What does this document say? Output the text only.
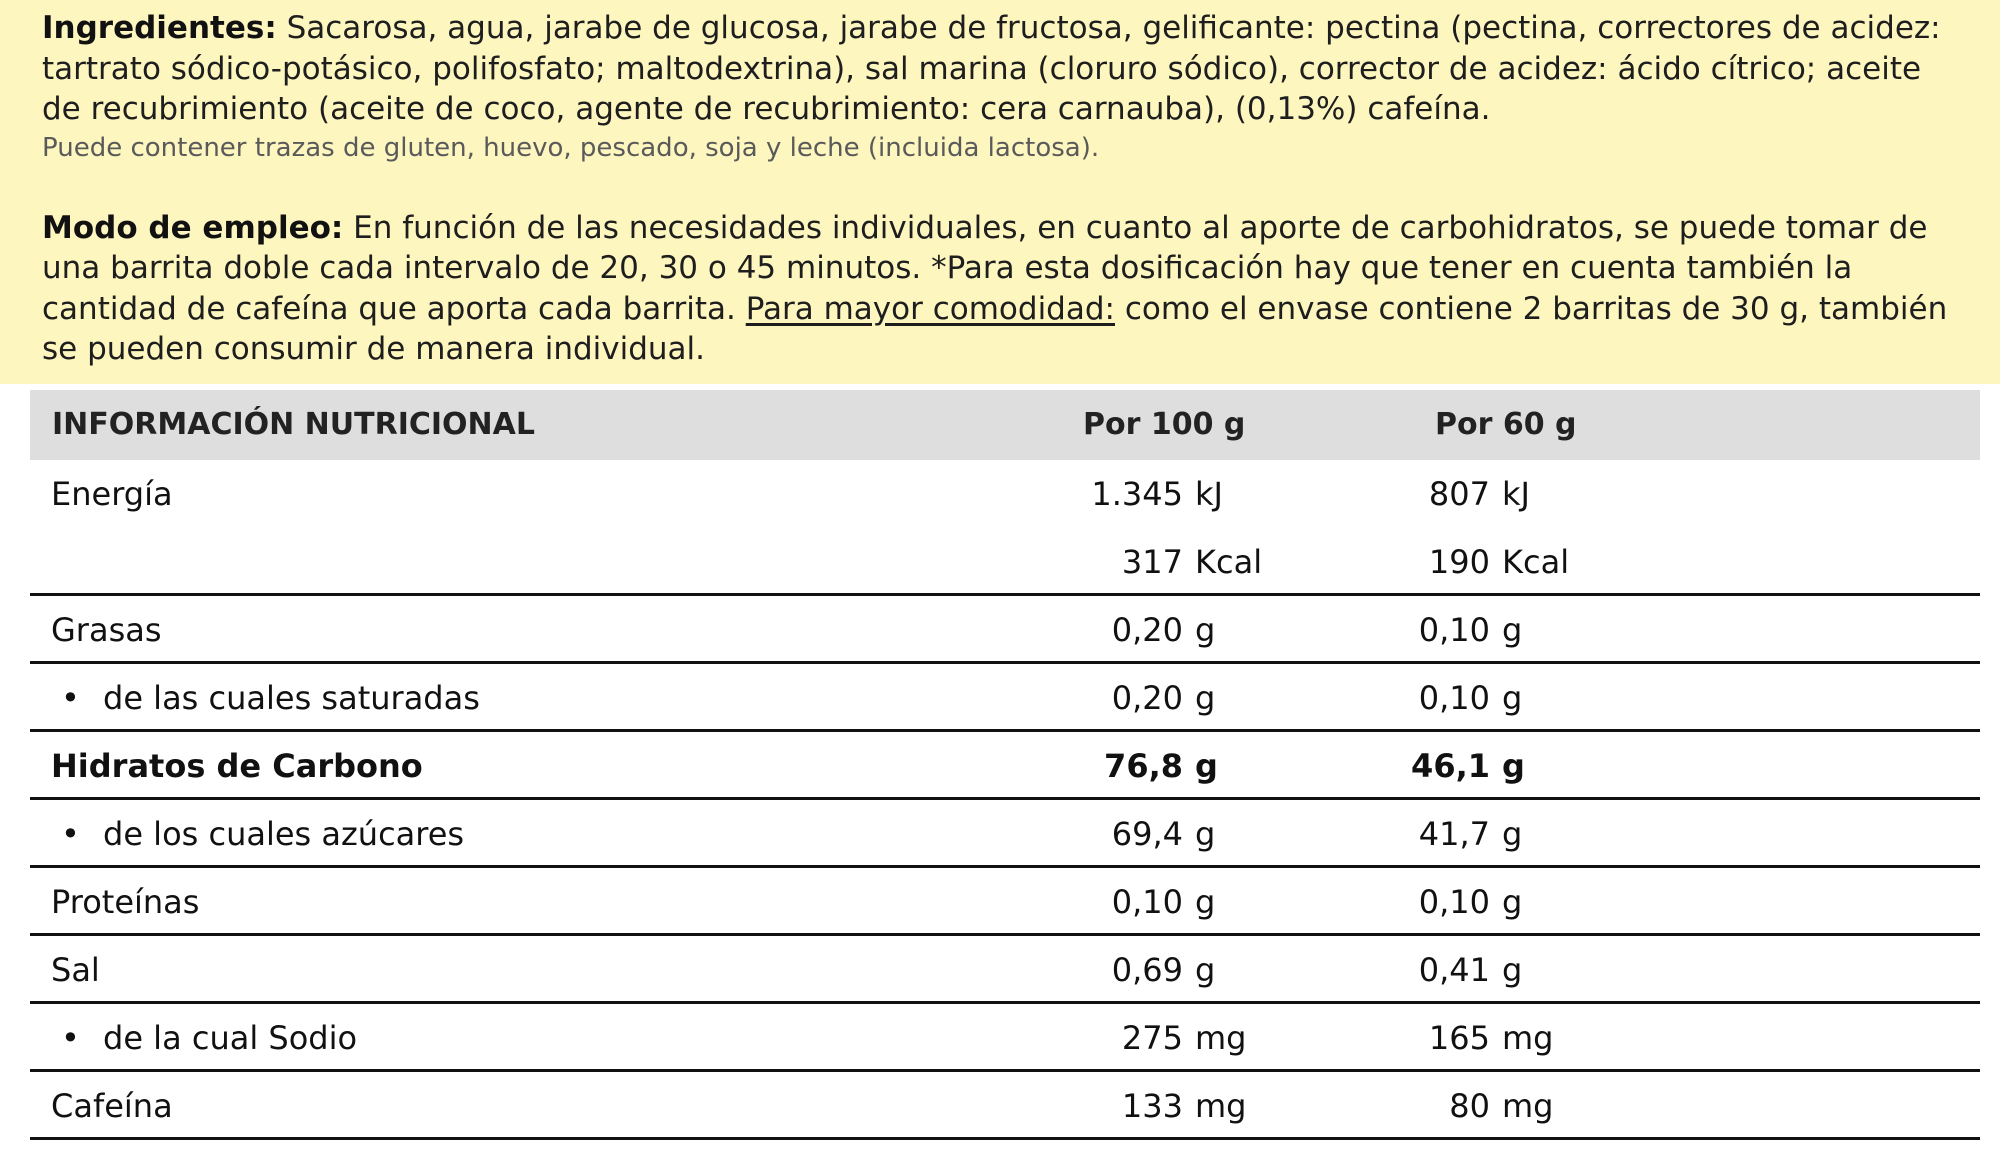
Ingredientes: Sacarosa, agua, jarabe de glucosa, jarabe de fructosa, gelificante: pectina (pectina, correctores de acidez: tartrato sódico-potásico, polifosfato; maltodextrina), sal marina (cloruro sódico), corrector de acidez: ácido cítrico; aceite de recubrimiento (aceite de coco, agente de recubrimiento: cera carnauba), (0,13%) cafeína.

Puede contener trazas de gluten, huevo, pescado, soja y leche (incluida lactosa).

Modo de empleo: En función de las necesidades individuales, en cuanto al aporte de carbohidratos, se puede tomar de una barrita doble cada intervalo de 20, 30 o 45 minutos. *Para esta dosificación hay que tener en cuenta también la cantidad de cafeína que aporta cada barrita. Para mayor comodidad: como el envase contiene 2 barritas de 30 g, también se pueden consumir de manera individual.

INFORMACIÓN NUTRICIONAL	Por 100 g	Por 60 g
Energía	1.345 kJ	807 kJ
317 Kcal	190 Kcal
Grasas	0,20 g	0,10 g
• de las cuales saturadas	0,20 g	0,10 g
Hidratos de Carbono	76,8 g	46,1 g
• de los cuales azúcares	69,4 g	41,7 g
Proteínas	0,10 g	0,10 g
Sal	0,69 g	0,41 g
• de la cual Sodio	275 mg	165 mg
Cafeína	133 mg	80 mg
